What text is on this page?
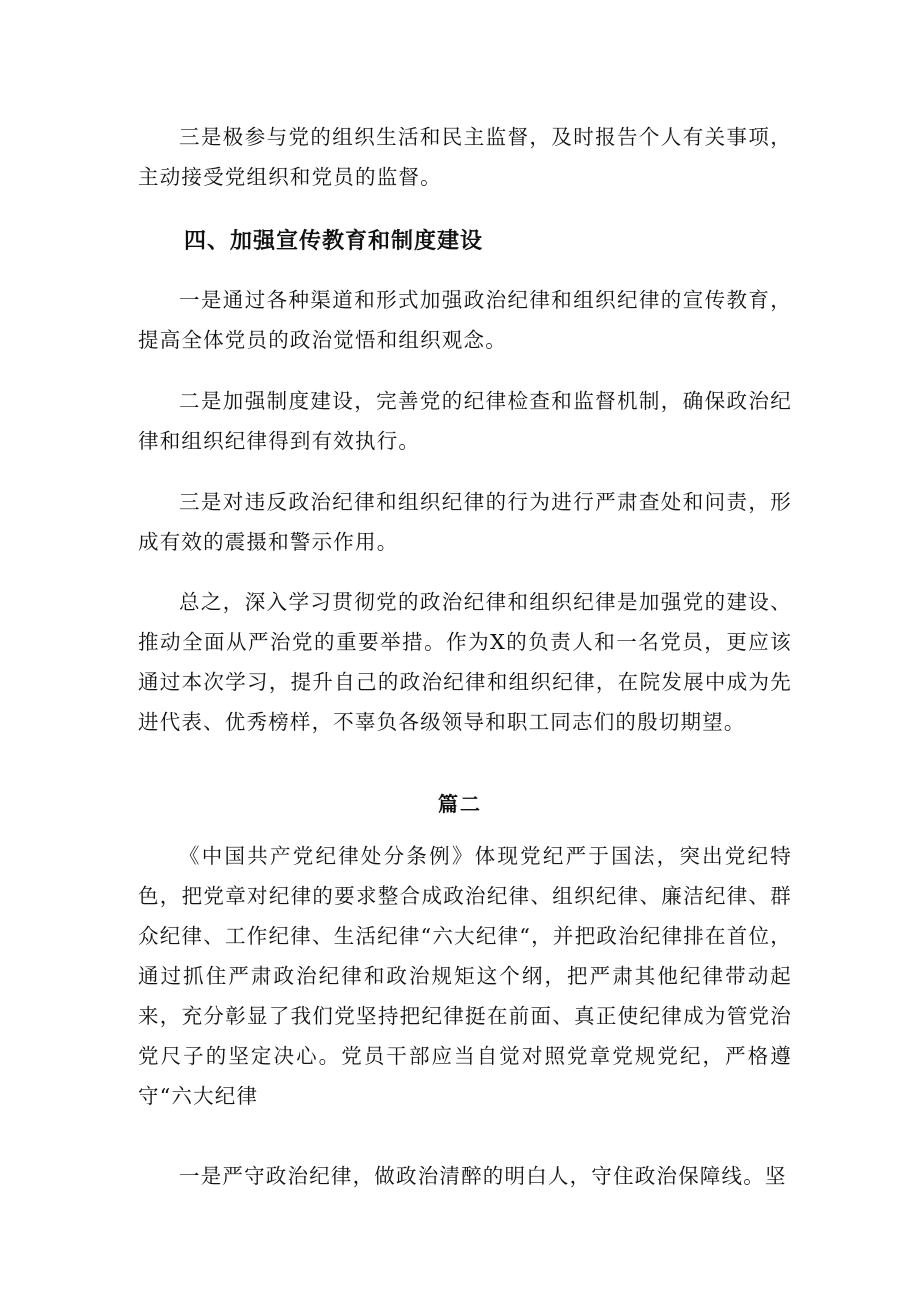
三是极参与党的组织生活和民主监督，及时报告个人有关事项，主动接受党组织和党员的监督。

四、加强宣传教育和制度建设

一是通过各种渠道和形式加强政治纪律和组织纪律的宣传教育，提高全体党员的政治觉悟和组织观念。

二是加强制度建设，完善党的纪律检查和监督机制，确保政治纪律和组织纪律得到有效执行。

三是对违反政治纪律和组织纪律的行为进行严肃查处和问责，形成有效的震摄和警示作用。

总之，深入学习贯彻党的政治纪律和组织纪律是加强党的建设、推动全面从严治党的重要举措。作为X的负责人和一名党员，更应该通过本次学习，提升自己的政治纪律和组织纪律，在院发展中成为先进代表、优秀榜样，不辜负各级领导和职工同志们的殷切期望。

篇二

《中国共产党纪律处分条例》体现党纪严于国法，突出党纪特色，把党章对纪律的要求整合成政治纪律、组织纪律、廉洁纪律、群众纪律、工作纪律、生活纪律“六大纪律“，并把政治纪律排在首位，通过抓住严肃政治纪律和政治规矩这个纲，把严肃其他纪律带动起来，充分彰显了我们党坚持把纪律挺在前面、真正使纪律成为管党治党尺子的坚定决心。党员干部应当自觉对照党章党规党纪，严格遵守“六大纪律

一是严守政治纪律，做政治清醉的明白人，守住政治保障线。坚
